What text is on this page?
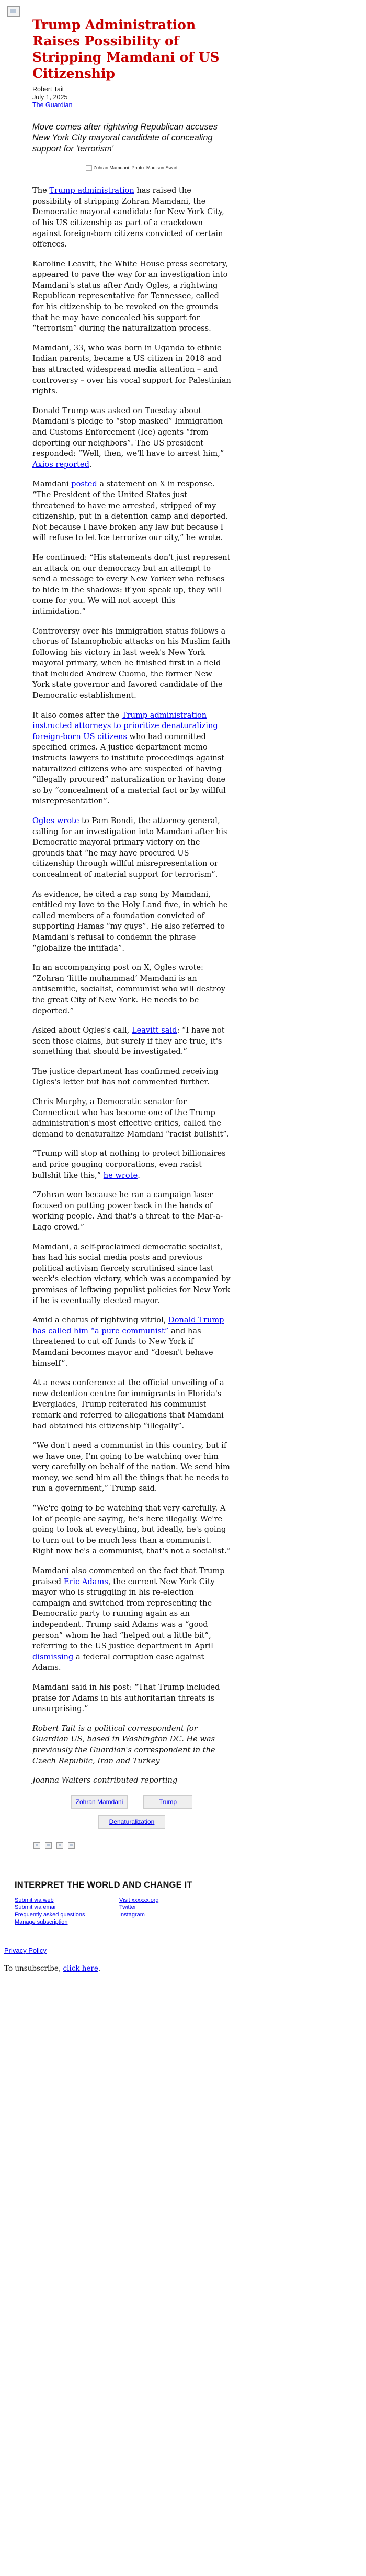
Trump Administration Raises Possibility of Stripping Mamdani of US Citizenship
Robert Tait
July 1, 2025
The Guardian
Move comes after rightwing Republican accuses New York City mayoral candidate of concealing support for 'terrorism'
Zohran Mamdani. Photo: Madison Swart

The Trump administration has raised the possibility of stripping Zohran Mamdani, the Democratic mayoral candidate for New York City, of his US citizenship as part of a crackdown against foreign-born citizens convicted of certain offences.

Karoline Leavitt, the White House press secretary, appeared to pave the way for an investigation into Mamdani's status after Andy Ogles, a rightwing Republican representative for Tennessee, called for his citizenship to be revoked on the grounds that he may have concealed his support for “terrorism” during the naturalization process.

Mamdani, 33, who was born in Uganda to ethnic Indian parents, became a US citizen in 2018 and has attracted widespread media attention – and controversy – over his vocal support for Palestinian rights.

Donald Trump was asked on Tuesday about Mamdani's pledge to “stop masked” Immigration and Customs Enforcement (Ice) agents “from deporting our neighbors”. The US president responded: “Well, then, we'll have to arrest him,” Axios reported.

Mamdani posted a statement on X in response. “The President of the United States just threatened to have me arrested, stripped of my citizenship, put in a detention camp and deported. Not because I have broken any law but because I will refuse to let Ice terrorize our city,” he wrote.

He continued: “His statements don't just represent an attack on our democracy but an attempt to send a message to every New Yorker who refuses to hide in the shadows: if you speak up, they will come for you. We will not accept this intimidation.”

Controversy over his immigration status follows a chorus of Islamophobic attacks on his Muslim faith following his victory in last week's New York mayoral primary, when he finished first in a field that included Andrew Cuomo, the former New York state governor and favored candidate of the Democratic establishment.

It also comes after the Trump administration instructed attorneys to prioritize denaturalizing foreign-born US citizens who had committed specified crimes. A justice department memo instructs lawyers to institute proceedings against naturalized citizens who are suspected of having “illegally procured” naturalization or having done so by “concealment of a material fact or by willful misrepresentation”.

Ogles wrote to Pam Bondi, the attorney general, calling for an investigation into Mamdani after his Democratic mayoral primary victory on the grounds that “he may have procured US citizenship through willful misrepresentation or concealment of material support for terrorism”.

As evidence, he cited a rap song by Mamdani, entitled my love to the Holy Land five, in which he called members of a foundation convicted of supporting Hamas “my guys”. He also referred to Mamdani's refusal to condemn the phrase “globalize the intifada”.

In an accompanying post on X, Ogles wrote: “Zohran ‘little muhammad’ Mamdani is an antisemitic, socialist, communist who will destroy the great City of New York. He needs to be deported.”

Asked about Ogles's call, Leavitt said: “I have not seen those claims, but surely if they are true, it's something that should be investigated.”

The justice department has confirmed receiving Ogles's letter but has not commented further.

Chris Murphy, a Democratic senator for Connecticut who has become one of the Trump administration's most effective critics, called the demand to denaturalize Mamdani “racist bullshit”.

“Trump will stop at nothing to protect billionaires and price gouging corporations, even racist bullshit like this,” he wrote.

“Zohran won because he ran a campaign laser focused on putting power back in the hands of working people. And that's a threat to the Mar-a-Lago crowd.”

Mamdani, a self-proclaimed democratic socialist, has had his social media posts and previous political activism fiercely scrutinised since last week's election victory, which was accompanied by promises of leftwing populist policies for New York if he is eventually elected mayor.

Amid a chorus of rightwing vitriol, Donald Trump has called him “a pure communist” and has threatened to cut off funds to New York if Mamdani becomes mayor and “doesn't behave himself”.

At a news conference at the official unveiling of a new detention centre for immigrants in Florida's Everglades, Trump reiterated his communist remark and referred to allegations that Mamdani had obtained his citizenship “illegally”.

“We don't need a communist in this country, but if we have one, I'm going to be watching over him very carefully on behalf of the nation. We send him money, we send him all the things that he needs to run a government,” Trump said.

“We're going to be watching that very carefully. A lot of people are saying, he's here illegally. We're going to look at everything, but ideally, he's going to turn out to be much less than a communist. Right now he's a communist, that's not a socialist.”

Mamdani also commented on the fact that Trump praised Eric Adams, the current New York City mayor who is struggling in his re-election campaign and switched from representing the Democratic party to running again as an independent. Trump said Adams was a “good person” whom he had “helped out a little bit”, referring to the US justice department in April dismissing a federal corruption case against Adams.

Mamdani said in his post: “That Trump included praise for Adams in his authoritarian threats is unsurprising.”

Robert Tait is a political correspondent for Guardian US, based in Washington DC. He was previously the Guardian's correspondent in the Czech Republic, Iran and Turkey

Joanna Walters contributed reporting

Zohran Mamdani	Trump
Denaturalization
INTERPRET THE WORLD AND CHANGE IT
Submit via web	Visit xxxxxx.org
Submit via email	Twitter
Frequently asked questions	Instagram
Manage subscription
Privacy Policy
To unsubscribe, click here.
